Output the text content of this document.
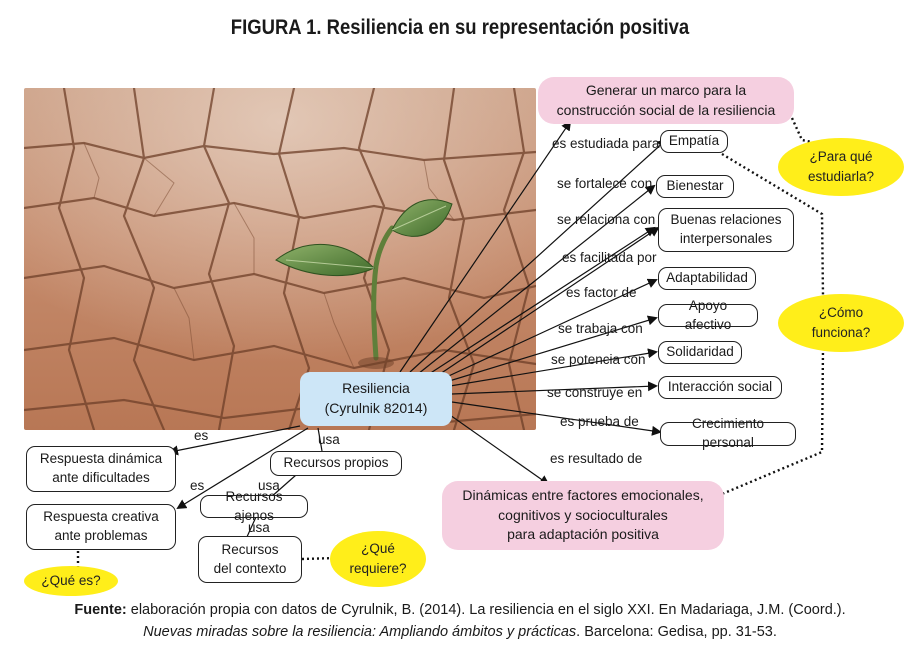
FIGURA 1. Resiliencia en su representación positiva
Generar un marco para la
construcción social de la resiliencia
Dinámicas entre factores emocionales,
cognitivos y socioculturales
para adaptación positiva
Resiliencia
(Cyrulnik 82014)
Empatía
Bienestar
Buenas relaciones
interpersonales
Adaptabilidad
Apoyo afectivo
Solidaridad
Interacción social
Crecimiento personal
Respuesta dinámica
ante dificultades
Respuesta creativa
ante problemas
Recursos propios
Recursos ajenos
Recursos
del contexto
¿Para qué
estudiarla?
¿Cómo
funciona?
¿Qué
requiere?
¿Qué es?
es estudiada para
se fortalece con
se relaciona con
es facilitada por
es factor de
se trabaja con
se potencia con
se construye en
es prueba de
es resultado de
es
es
usa
usa
usa
Fuente: elaboración propia con datos de Cyrulnik, B. (2014). La resiliencia en el siglo XXI. En Madariaga, J.M. (Coord.).
Nuevas miradas sobre la resiliencia: Ampliando ámbitos y prácticas. Barcelona: Gedisa, pp. 31-53.
